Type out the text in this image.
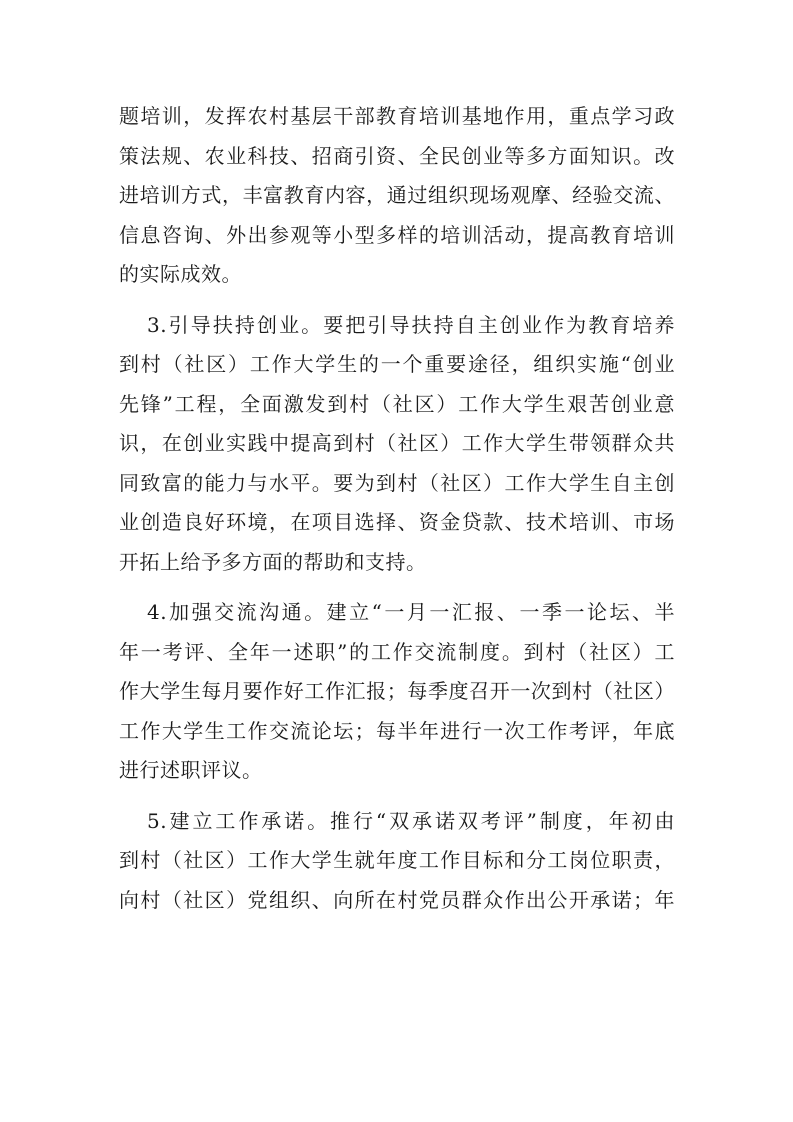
题培训，发挥农村基层干部教育培训基地作用，重点学习政
策法规、农业科技、招商引资、全民创业等多方面知识。改
进培训方式，丰富教育内容，通过组织现场观摩、经验交流、
信息咨询、外出参观等小型多样的培训活动，提高教育培训
的实际成效。
3.引导扶持创业。要把引导扶持自主创业作为教育培养
到村（社区）工作大学生的一个重要途径，组织实施“创业
先锋”工程，全面激发到村（社区）工作大学生艰苦创业意
识，在创业实践中提高到村（社区）工作大学生带领群众共
同致富的能力与水平。要为到村（社区）工作大学生自主创
业创造良好环境，在项目选择、资金贷款、技术培训、市场
开拓上给予多方面的帮助和支持。
4.加强交流沟通。建立“一月一汇报、一季一论坛、半
年一考评、全年一述职”的工作交流制度。到村（社区）工
作大学生每月要作好工作汇报；每季度召开一次到村（社区）
工作大学生工作交流论坛；每半年进行一次工作考评，年底
进行述职评议。
5.建立工作承诺。推行“双承诺双考评”制度，年初由
到村（社区）工作大学生就年度工作目标和分工岗位职责，
向村（社区）党组织、向所在村党员群众作出公开承诺；年
